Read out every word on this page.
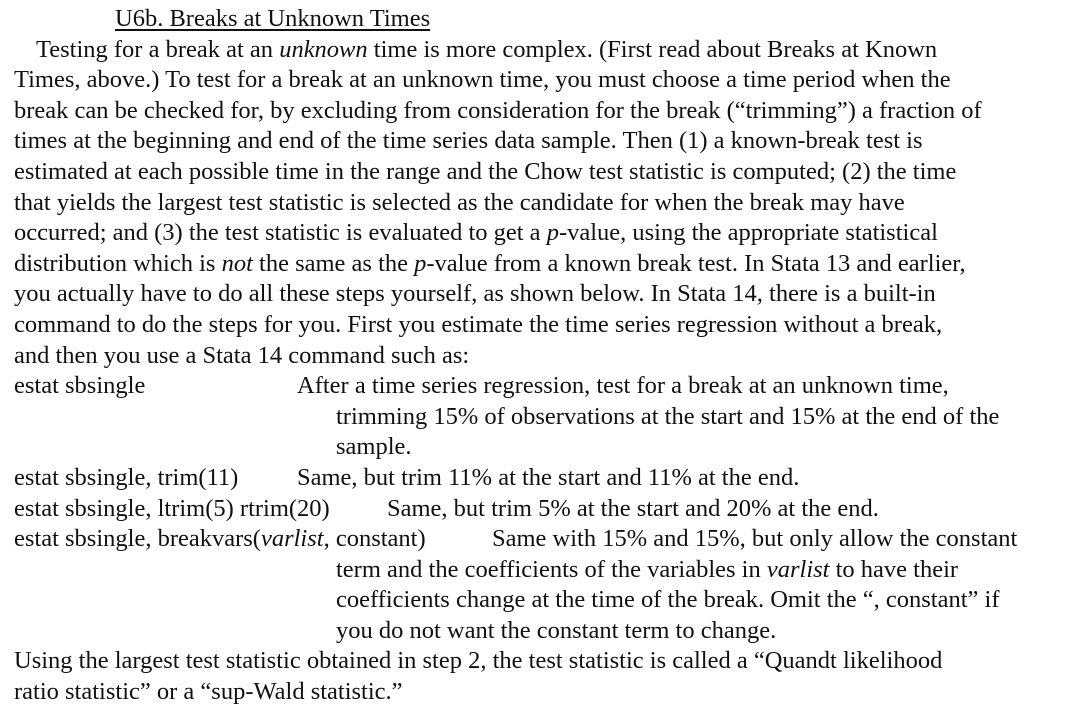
U6b. Breaks at Unknown Times
Testing for a break at an unknown time is more complex. (First read about Breaks at Known
Times, above.) To test for a break at an unknown time, you must choose a time period when the
break can be checked for, by excluding from consideration for the break (“trimming”) a fraction of
times at the beginning and end of the time series data sample. Then (1) a known-break test is
estimated at each possible time in the range and the Chow test statistic is computed; (2) the time
that yields the largest test statistic is selected as the candidate for when the break may have
occurred; and (3) the test statistic is evaluated to get a p-value, using the appropriate statistical
distribution which is not the same as the p-value from a known break test. In Stata 13 and earlier,
you actually have to do all these steps yourself, as shown below. In Stata 14, there is a built-in
command to do the steps for you. First you estimate the time series regression without a break,
and then you use a Stata 14 command such as:
estat sbsingle	After a time series regression, test for a break at an unknown time,
trimming 15% of observations at the start and 15% at the end of the
sample.
estat sbsingle, trim(11) Same, but trim 11% at the start and 11% at the end.
estat sbsingle, ltrim(5) rtrim(20) Same, but trim 5% at the start and 20% at the end.
estat sbsingle, breakvars(varlist, constant)	Same with 15% and 15%, but only allow the constant
term and the coefficients of the variables in varlist to have their
coefficients change at the time of the break. Omit the “, constant” if
you do not want the constant term to change.
Using the largest test statistic obtained in step 2, the test statistic is called a “Quandt likelihood
ratio statistic” or a “sup-Wald statistic.”
